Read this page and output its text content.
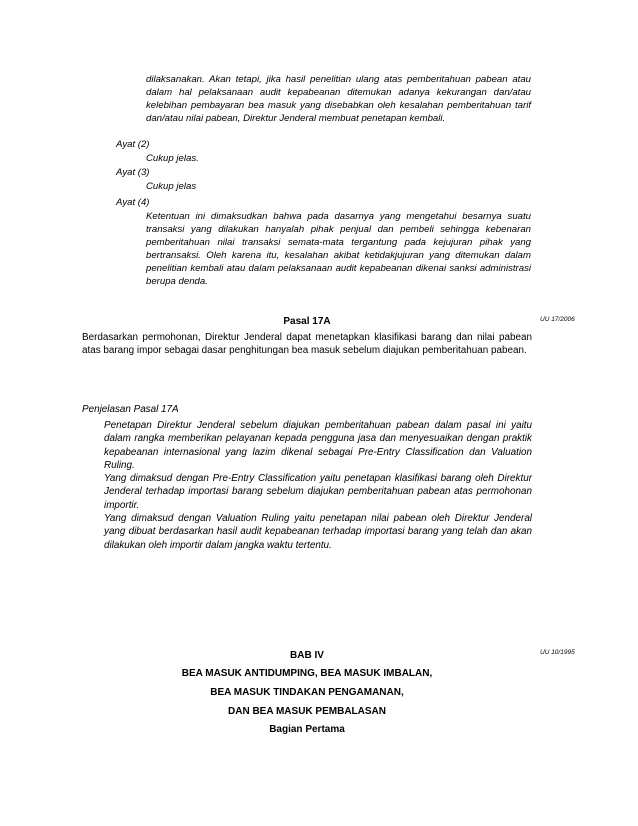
dilaksanakan. Akan tetapi, jika hasil penelitian ulang atas pemberitahuan pabean atau dalam hal pelaksanaan audit kepabeanan ditemukan adanya kekurangan dan/atau kelebihan pembayaran bea masuk yang disebabkan oleh kesalahan pemberitahuan tarif dan/atau nilai pabean, Direktur Jenderal membuat penetapan kembali.

Ayat (2)
Cukup jelas.
Ayat (3)
Cukup jelas
Ayat (4)

Ketentuan ini dimaksudkan bahwa pada dasarnya yang mengetahui besarnya suatu transaksi yang dilakukan hanyalah pihak penjual dan pembeli sehingga kebenaran pemberitahuan nilai transaksi semata-mata tergantung pada kejujuran pihak yang bertransaksi. Oleh karena itu, kesalahan akibat ketidakjujuran yang ditemukan dalam penelitian kembali atau dalam pelaksanaan audit kepabeanan dikenai sanksi administrasi berupa denda.

Pasal 17A	UU 17/2006

Berdasarkan permohonan, Direktur Jenderal dapat menetapkan klasifikasi barang dan nilai pabean atas barang impor sebagai dasar penghitungan bea masuk sebelum diajukan pemberitahuan pabean.

Penjelasan Pasal 17A

Penetapan Direktur Jenderal sebelum diajukan pemberitahuan pabean dalam pasal ini yaitu dalam rangka memberikan pelayanan kepada pengguna jasa dan menyesuaikan dengan praktik kepabeanan internasional yang lazim dikenal sebagai Pre-Entry Classification dan Valuation Ruling.

Yang dimaksud dengan Pre-Entry Classification yaitu penetapan klasifikasi barang oleh Direktur Jenderal terhadap importasi barang sebelum diajukan pemberitahuan pabean atas permohonan importir.

Yang dimaksud dengan Valuation Ruling yaitu penetapan nilai pabean oleh Direktur Jenderal yang dibuat berdasarkan hasil audit kepabeanan terhadap importasi barang yang telah dan akan dilakukan oleh importir dalam jangka waktu tertentu.

BAB IV	UU 10/1995
BEA MASUK ANTIDUMPING, BEA MASUK IMBALAN,
BEA MASUK TINDAKAN PENGAMANAN,
DAN BEA MASUK PEMBALASAN
Bagian Pertama
